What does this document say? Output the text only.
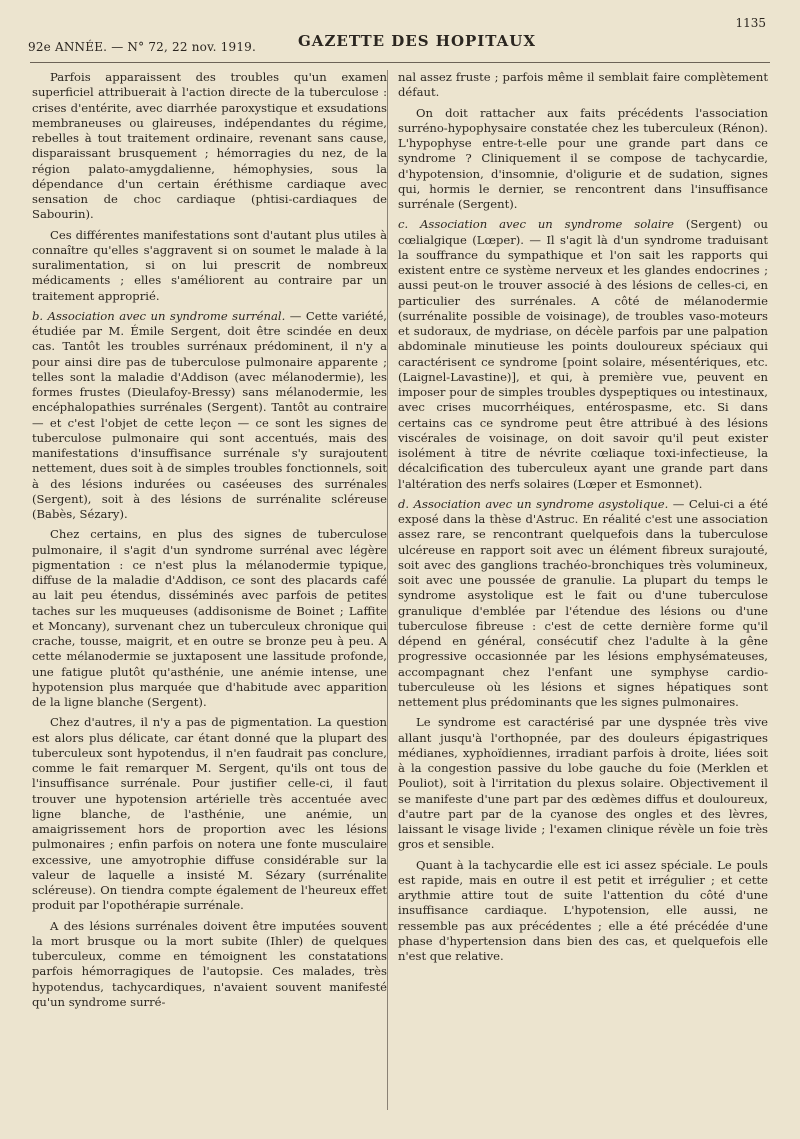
92e ANNÉE. — N° 72, 22 nov. 1919.	GAZETTE DES HOPITAUX
1135

Parfois apparaissent des troubles qu'un examen superficiel attribuerait à l'action directe de la tuberculose : crises d'entérite, avec diarrhée paroxystique et exsudations membraneuses ou glaireuses, indépendantes du régime, rebelles à tout traitement ordinaire, revenant sans cause, disparaissant brusquement ; hémorragies du nez, de la région palato-amygdalienne, hémophysies, sous la dépendance d'un certain éréthisme cardiaque avec sensation de choc cardiaque (phtisi-cardiaques de Sabourin).

Ces différentes manifestations sont d'autant plus utiles à connaître qu'elles s'aggravent si on soumet le malade à la suralimentation, si on lui prescrit de nombreux médicaments ; elles s'améliorent au contraire par un traitement approprié.

b. Association avec un syndrome surrénal. — Cette variété, étudiée par M. Émile Sergent, doit être scindée en deux cas. Tantôt les troubles surrénaux prédominent, il n'y a pour ainsi dire pas de tuberculose pulmonaire apparente ; telles sont la maladie d'Addison (avec mélanodermie), les formes frustes (Dieulafoy-Bressy) sans mélanodermie, les encéphalopathies surrénales (Sergent). Tantôt au contraire — et c'est l'objet de cette leçon — ce sont les signes de tuberculose pulmonaire qui sont accentués, mais des manifestations d'insuffisance surrénale s'y surajoutent nettement, dues soit à de simples troubles fonctionnels, soit à des lésions indurées ou caséeuses des surrénales (Sergent), soit à des lésions de surrénalite scléreuse (Babès, Sézary).

Chez certains, en plus des signes de tuberculose pulmonaire, il s'agit d'un syndrome surrénal avec légère pigmentation : ce n'est plus la mélanodermie typique, diffuse de la maladie d'Addison, ce sont des placards café au lait peu étendus, disséminés avec parfois de petites taches sur les muqueuses (addisonisme de Boinet ; Laffite et Moncany), survenant chez un tuberculeux chronique qui crache, tousse, maigrit, et en outre se bronze peu à peu. A cette mélanodermie se juxtaposent une lassitude profonde, une fatigue plutôt qu'asthénie, une anémie intense, une hypotension plus marquée que d'habitude avec apparition de la ligne blanche (Sergent).

Chez d'autres, il n'y a pas de pigmentation. La question est alors plus délicate, car étant donné que la plupart des tuberculeux sont hypotendus, il n'en faudrait pas conclure, comme le fait remarquer M. Sergent, qu'ils ont tous de l'insuffisance surrénale. Pour justifier celle-ci, il faut trouver une hypotension artérielle très accentuée avec ligne blanche, de l'asthénie, une anémie, un amaigrissement hors de proportion avec les lésions pulmonaires ; enfin parfois on notera une fonte musculaire excessive, une amyotrophie diffuse considérable sur la valeur de laquelle a insisté M. Sézary (surrénalite scléreuse). On tiendra compte également de l'heureux effet produit par l'opothérapie surrénale.

A des lésions surrénales doivent être imputées souvent la mort brusque ou la mort subite (Ihler) de quelques tuberculeux, comme en témoignent les constatations parfois hémorragiques de l'autopsie. Ces malades, très hypotendus, tachycardiques, n'avaient souvent manifesté qu'un syndrome surré-

nal assez fruste ; parfois même il semblait faire complètement défaut.

On doit rattacher aux faits précédents l'association surréno-hypophysaire constatée chez les tuberculeux (Rénon). L'hypophyse entre-t-elle pour une grande part dans ce syndrome ? Cliniquement il se compose de tachycardie, d'hypotension, d'insomnie, d'oligurie et de sudation, signes qui, hormis le dernier, se rencontrent dans l'insuffisance surrénale (Sergent).

c. Association avec un syndrome solaire (Sergent) ou cœlialgique (Lœper). — Il s'agit là d'un syndrome traduisant la souffrance du sympathique et l'on sait les rapports qui existent entre ce système nerveux et les glandes endocrines ; aussi peut-on le trouver associé à des lésions de celles-ci, en particulier des surrénales. A côté de mélanodermie (surrénalite possible de voisinage), de troubles vaso-moteurs et sudoraux, de mydriase, on décèle parfois par une palpation abdominale minutieuse les points douloureux spéciaux qui caractérisent ce syndrome [point solaire, mésentériques, etc. (Laignel-Lavastine)], et qui, à première vue, peuvent en imposer pour de simples troubles dyspeptiques ou intestinaux, avec crises mucorrhéiques, entérospasme, etc. Si dans certains cas ce syndrome peut être attribué à des lésions viscérales de voisinage, on doit savoir qu'il peut exister isolément à titre de névrite cœliaque toxi-infectieuse, la décalcification des tuberculeux ayant une grande part dans l'altération des nerfs solaires (Lœper et Esmonnet).

d. Association avec un syndrome asystolique. — Celui-ci a été exposé dans la thèse d'Astruc. En réalité c'est une association assez rare, se rencontrant quelquefois dans la tuberculose ulcéreuse en rapport soit avec un élément fibreux surajouté, soit avec des ganglions trachéo-bronchiques très volumineux, soit avec une poussée de granulie. La plupart du temps le syndrome asystolique est le fait ou d'une tuberculose granulique d'emblée par l'étendue des lésions ou d'une tuberculose fibreuse : c'est de cette dernière forme qu'il dépend en général, consécutif chez l'adulte à la gêne progressive occasionnée par les lésions emphysémateuses, accompagnant chez l'enfant une symphyse cardio-tuberculeuse où les lésions et signes hépatiques sont nettement plus prédominants que les signes pulmonaires.

Le syndrome est caractérisé par une dyspnée très vive allant jusqu'à l'orthopnée, par des douleurs épigastriques médianes, xyphoïdiennes, irradiant parfois à droite, liées soit à la congestion passive du lobe gauche du foie (Merklen et Pouliot), soit à l'irritation du plexus solaire. Objectivement il se manifeste d'une part par des œdèmes diffus et douloureux, d'autre part par de la cyanose des ongles et des lèvres, laissant le visage livide ; l'examen clinique révèle un foie très gros et sensible.

Quant à la tachycardie elle est ici assez spéciale. Le pouls est rapide, mais en outre il est petit et irrégulier ; et cette arythmie attire tout de suite l'attention du côté d'une insuffisance cardiaque. L'hypotension, elle aussi, ne ressemble pas aux précédentes ; elle a été précédée d'une phase d'hypertension dans bien des cas, et quelquefois elle n'est que relative.
